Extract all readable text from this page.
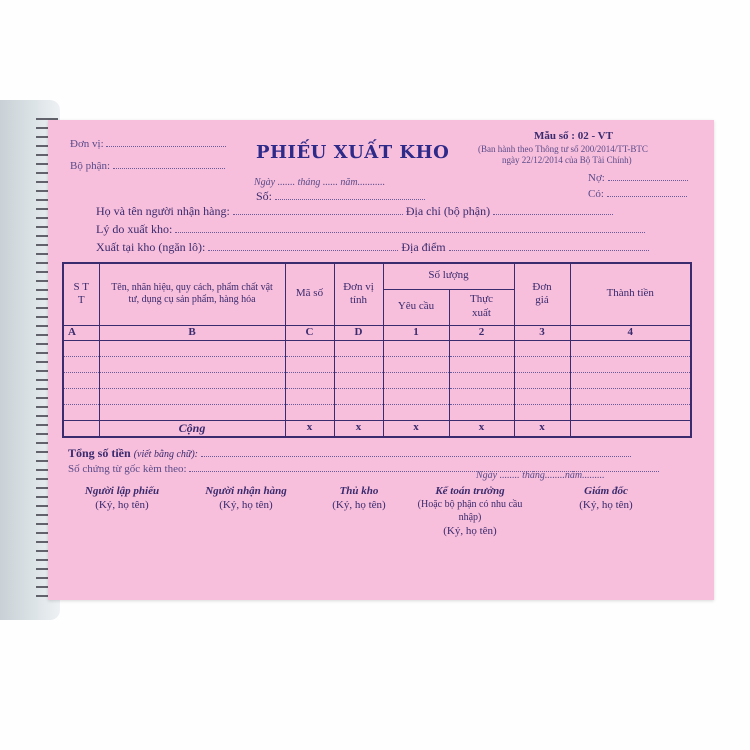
Đơn vị:
Bộ phận:
PHIẾU XUẤT KHO
Mẫu số : 02 - VT
(Ban hành theo Thông tư số 200/2014/TT-BTC
ngày 22/12/2014 của Bộ Tài Chính)
Ngày ....... tháng ...... năm...........
Số:
Nợ:
Có:
Họ và tên người nhận hàng:	Địa chỉ (bộ phận)
Lý do xuất kho:
Xuất tại kho (ngăn lô):	Địa điểm
S T T	Tên, nhãn hiệu, quy cách, phẩm chất vật tư, dụng cụ sản phẩm, hàng hóa	Mã số	Đơn vị tính	Số lượng		Đơn giá	Thành tiền
				Yêu cầu	Thực xuất		
A	B	C	D	1	2	3	4

	Cộng	x	x	x	x	x	
Tổng số tiền (viết bằng chữ):
Số chứng từ gốc kèm theo:
Ngày ........ tháng........năm.........
Người lập phiếu
(Ký, họ tên)
Người nhận hàng
(Ký, họ tên)
Thủ kho
(Ký, họ tên)
Kế toán trưởng
(Hoặc bộ phận có nhu cầu nhập)
(Ký, họ tên)
Giám đốc
(Ký, họ tên)
